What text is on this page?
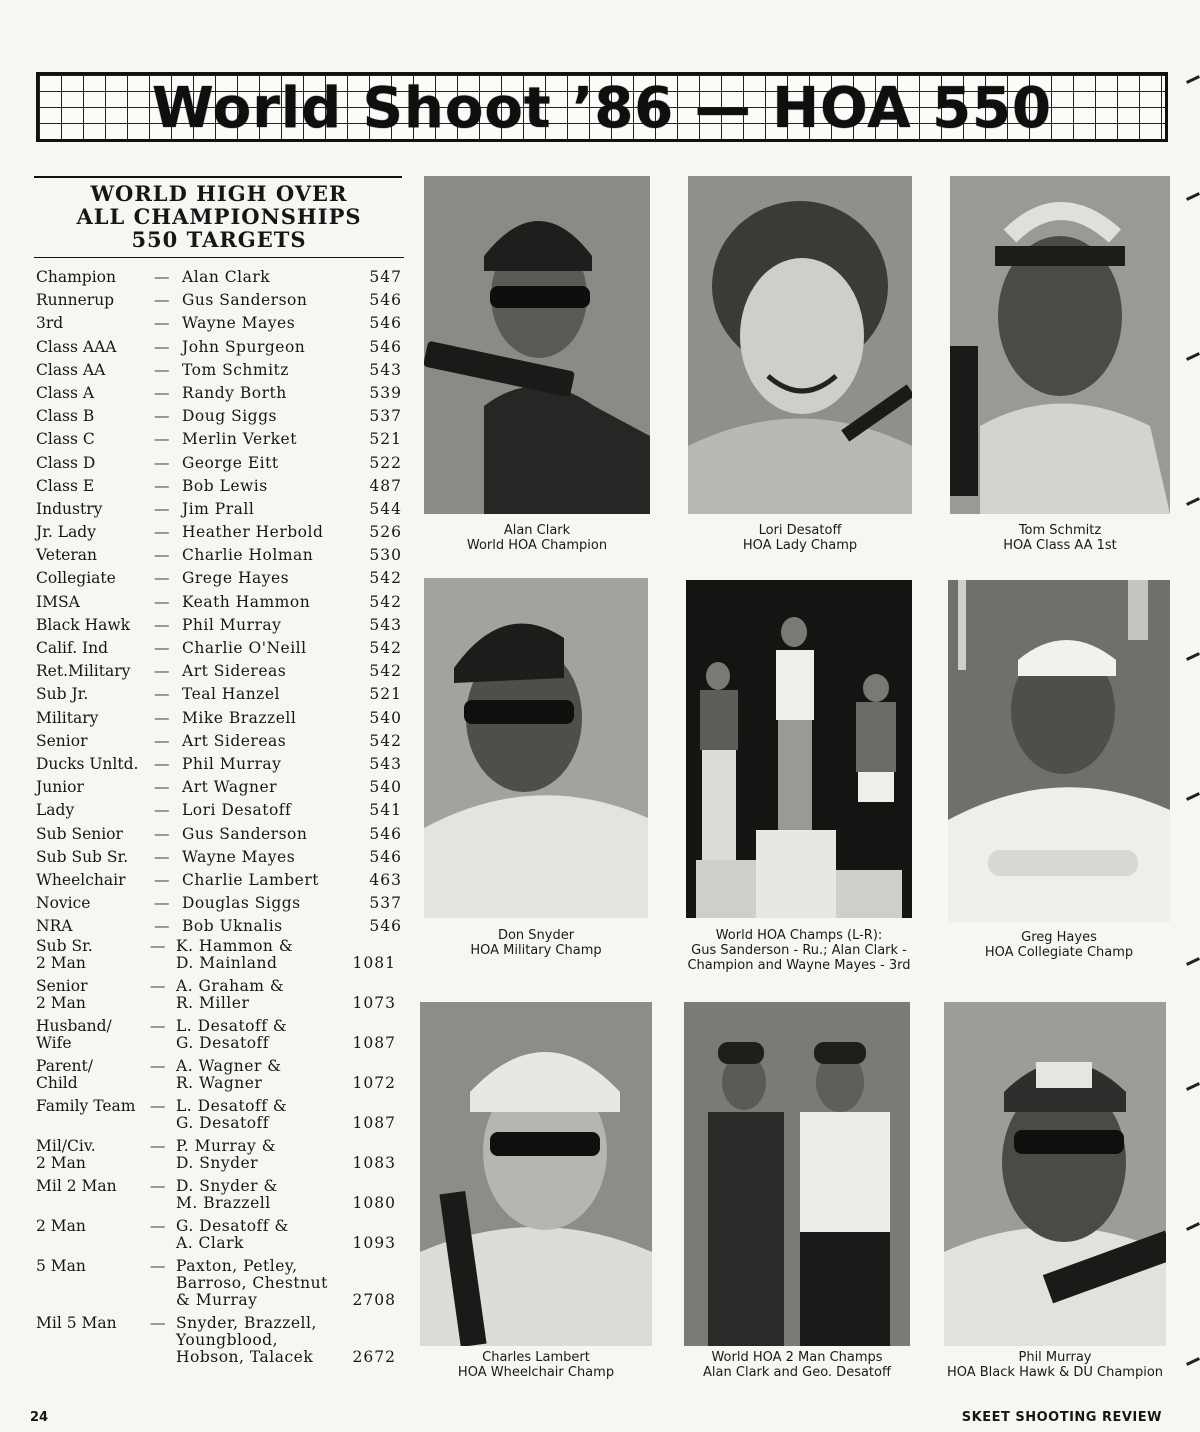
World Shoot ’86 — HOA 550
WORLD HIGH OVER
ALL CHAMPIONSHIPS
550 TARGETS
Champion — Alan Clark	547
Runnerup	— Gus Sanderson	546
3rd	— Wayne Mayes	546
Class AAA — John Spurgeon	546
Class AA	— Tom Schmitz	543
Class A	— Randy Borth	539
Class B	— Doug Siggs	537
Class C	— Merlin Verket	521
Class D	— George Eitt	522
Class E	— Bob Lewis	487
Industry	— Jim Prall	544
Jr. Lady	— Heather Herbold	526
Veteran	— Charlie Holman	530
Collegiate — Grege Hayes	542
IMSA	— Keath Hammon	542
Black Hawk — Phil Murray	543
Calif. Ind	— Charlie O'Neill	542
Ret.Military — Art Sidereas	542
Sub Jr.	— Teal Hanzel	521
Military	— Mike Brazzell	540
Senior	— Art Sidereas	542
Ducks Unltd. — Phil Murray	543
Junior	— Art Wagner	540
Lady	— Lori Desatoff	541
Sub Senior — Gus Sanderson	546
Sub Sub Sr. — Wayne Mayes	546
Wheelchair — Charlie Lambert	463
Novice	— Douglas Siggs	537
NRA	— Bob Uknalis	546
Sub Sr.
2 Man
— K. Hammon &
D. Mainland	1081
Senior
2 Man
— A. Graham &
R. Miller	1073
Husband/
Wife
— L. Desatoff &
G. Desatoff	1087
Parent/
Child
— A. Wagner &
R. Wagner	1072
Family Team — L. Desatoff &
G. Desatoff	1087
Mil/Civ.
2 Man
— P. Murray &
D. Snyder	1083
Mil 2 Man — D. Snyder &
M. Brazzell	1080
2 Man	— G. Desatoff &
A. Clark	1093
5 Man	— Paxton, Petley,
Barroso, Chestnut
& Murray	2708
Mil 5 Man — Snyder, Brazzell,
Youngblood,
Hobson, Talacek	2672
Alan Clark
World HOA Champion
Lori Desatoff
HOA Lady Champ
Tom Schmitz
HOA Class AA 1st
Don Snyder
HOA Military Champ
World HOA Champs (L-R):
Gus Sanderson - Ru.; Alan Clark -
Champion and Wayne Mayes - 3rd
Greg Hayes
HOA Collegiate Champ
Charles Lambert
HOA Wheelchair Champ
World HOA 2 Man Champs
Alan Clark and Geo. Desatoff
Phil Murray
HOA Black Hawk & DU Champion
24	SKEET SHOOTING REVIEW
